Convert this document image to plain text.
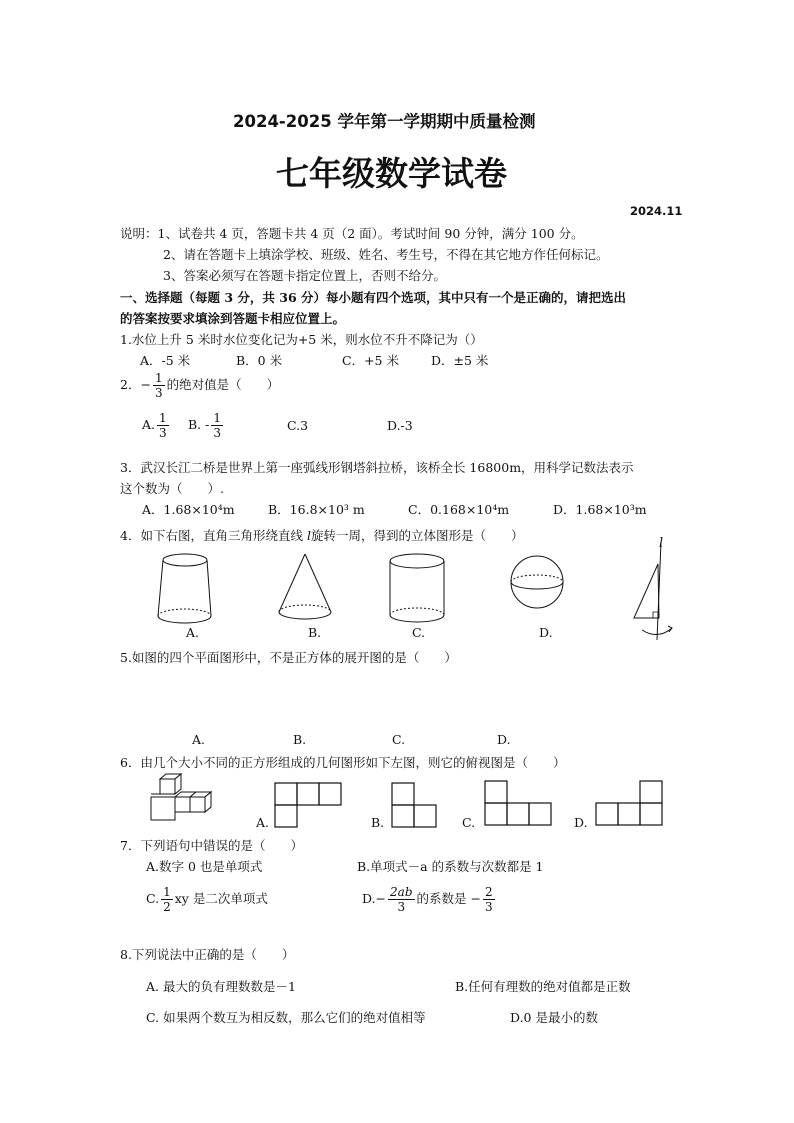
2024-2025 学年第一学期期中质量检测
七年级数学试卷
2024.11
说明：1、试卷共 4 页，答题卡共 4 页（2 面）。考试时间 90 分钟，满分 100 分。
2、请在答题卡上填涂学校、班级、姓名、考生号，不得在其它地方作任何标记。
3、答案必须写在答题卡指定位置上，否则不给分。
一、选择题（每题 3 分，共 36 分）每小题有四个选项，其中只有一个是正确的，请把选出
的答案按要求填涂到答题卡相应位置上。
1.水位上升 5 米时水位变化记为+5 米，则水位不升不降记为（）
A．-5 米	B．0 米	C．+5 米	D．±5 米
2．− $\frac{1}{3}$ 的绝对值是（　　）
A. $\frac{1}{3} B$. - $\frac{1}{3}$	C.3	D.-3
3．武汉长江二桥是世界上第一座弧线形钢塔斜拉桥，该桥全长 16800m，用科学记数法表示
这个数为（　　）.
A．1.68×10⁴m	B．16.8×10³ m	C．0.168×10⁴m	D．1.68×10³m
4．如下右图，直角三角形绕直线 l旋转一周，得到的立体图形是（　　）
A.	B.	C.	D.
l
5.如图的四个平面图形中，不是正方体的展开图的是（　　）
A.	B.	C.	D.
6．由几个大小不同的正方形组成的几何图形如下左图，则它的俯视图是（　　）
A.	B.	C.	D.
7．下列语句中错误的是（　　）
A.数字 0 也是单项式	B.单项式－a 的系数与次数都是 1
C. $\frac{1}{2}$ xy 是二次单项式	$D.- \frac{2ab}{3}$ 的系数是 − $\frac{2}{3}$
8.下列说法中正确的是（　　）
A. 最大的负有理数数是－1	B.任何有理数的绝对值都是正数
C. 如果两个数互为相反数，那么它们的绝对值相等	D.0 是最小的数
